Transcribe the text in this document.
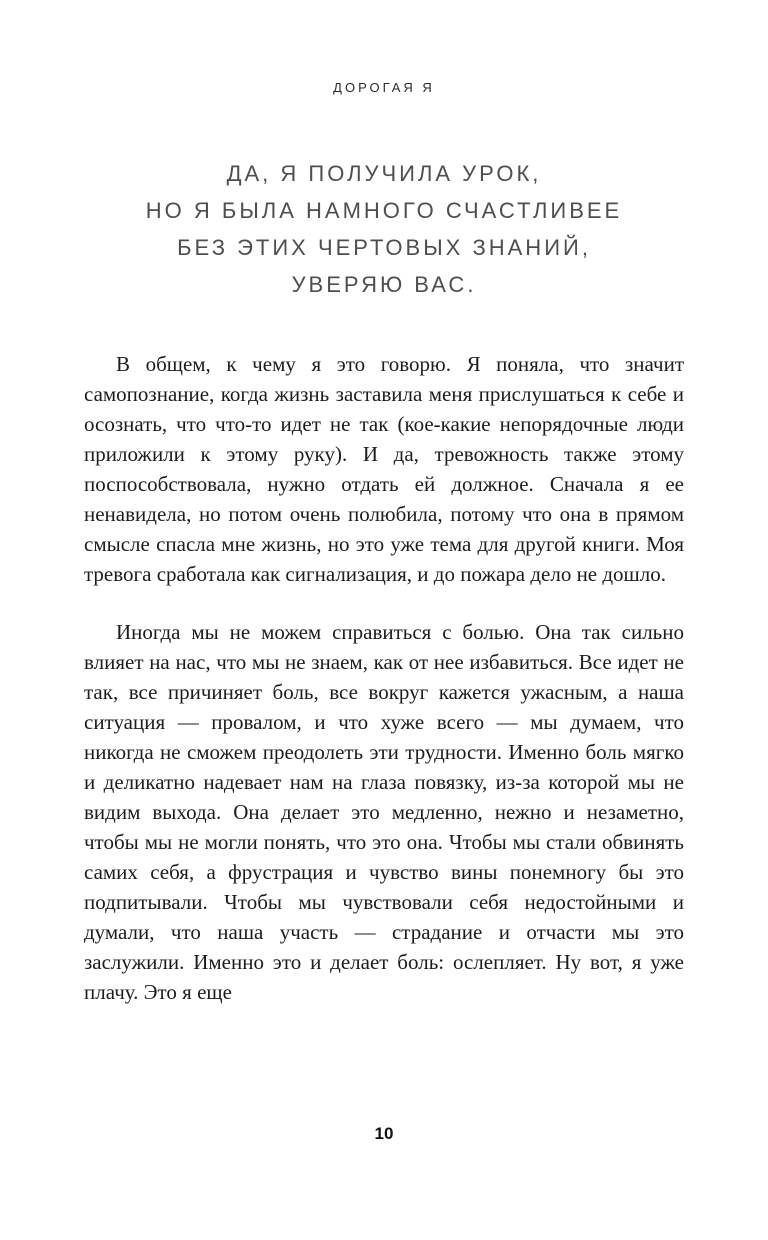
ДОРОГАЯ Я
ДА, Я ПОЛУЧИЛА УРОК,
НО Я БЫЛА НАМНОГО СЧАСТЛИВЕЕ
БЕЗ ЭТИХ ЧЕРТОВЫХ ЗНАНИЙ,
УВЕРЯЮ ВАС.

В общем, к чему я это говорю. Я поняла, что значит самопознание, когда жизнь заставила меня прислушаться к себе и осознать, что что-то идет не так (кое-какие непорядочные люди приложили к этому руку). И да, тревожность также этому поспособствовала, нужно отдать ей должное. Сначала я ее ненавидела, но потом очень полюбила, потому что она в прямом смысле спасла мне жизнь, но это уже тема для другой книги. Моя тревога сработала как сигнализация, и до пожара дело не дошло.

Иногда мы не можем справиться с болью. Она так сильно влияет на нас, что мы не знаем, как от нее избавиться. Все идет не так, все причиняет боль, все вокруг кажется ужасным, а наша ситуация — провалом, и что хуже всего — мы думаем, что никогда не сможем преодолеть эти трудности. Именно боль мягко и деликатно надевает нам на глаза повязку, из-за которой мы не видим выхода. Она делает это медленно, нежно и незаметно, чтобы мы не могли понять, что это она. Чтобы мы стали обвинять самих себя, а фрустрация и чувство вины понемногу бы это подпитывали. Чтобы мы чувствовали себя недостойными и думали, что наша участь — страдание и отчасти мы это заслужили. Именно это и делает боль: ослепляет. Ну вот, я уже плачу. Это я еще

10
